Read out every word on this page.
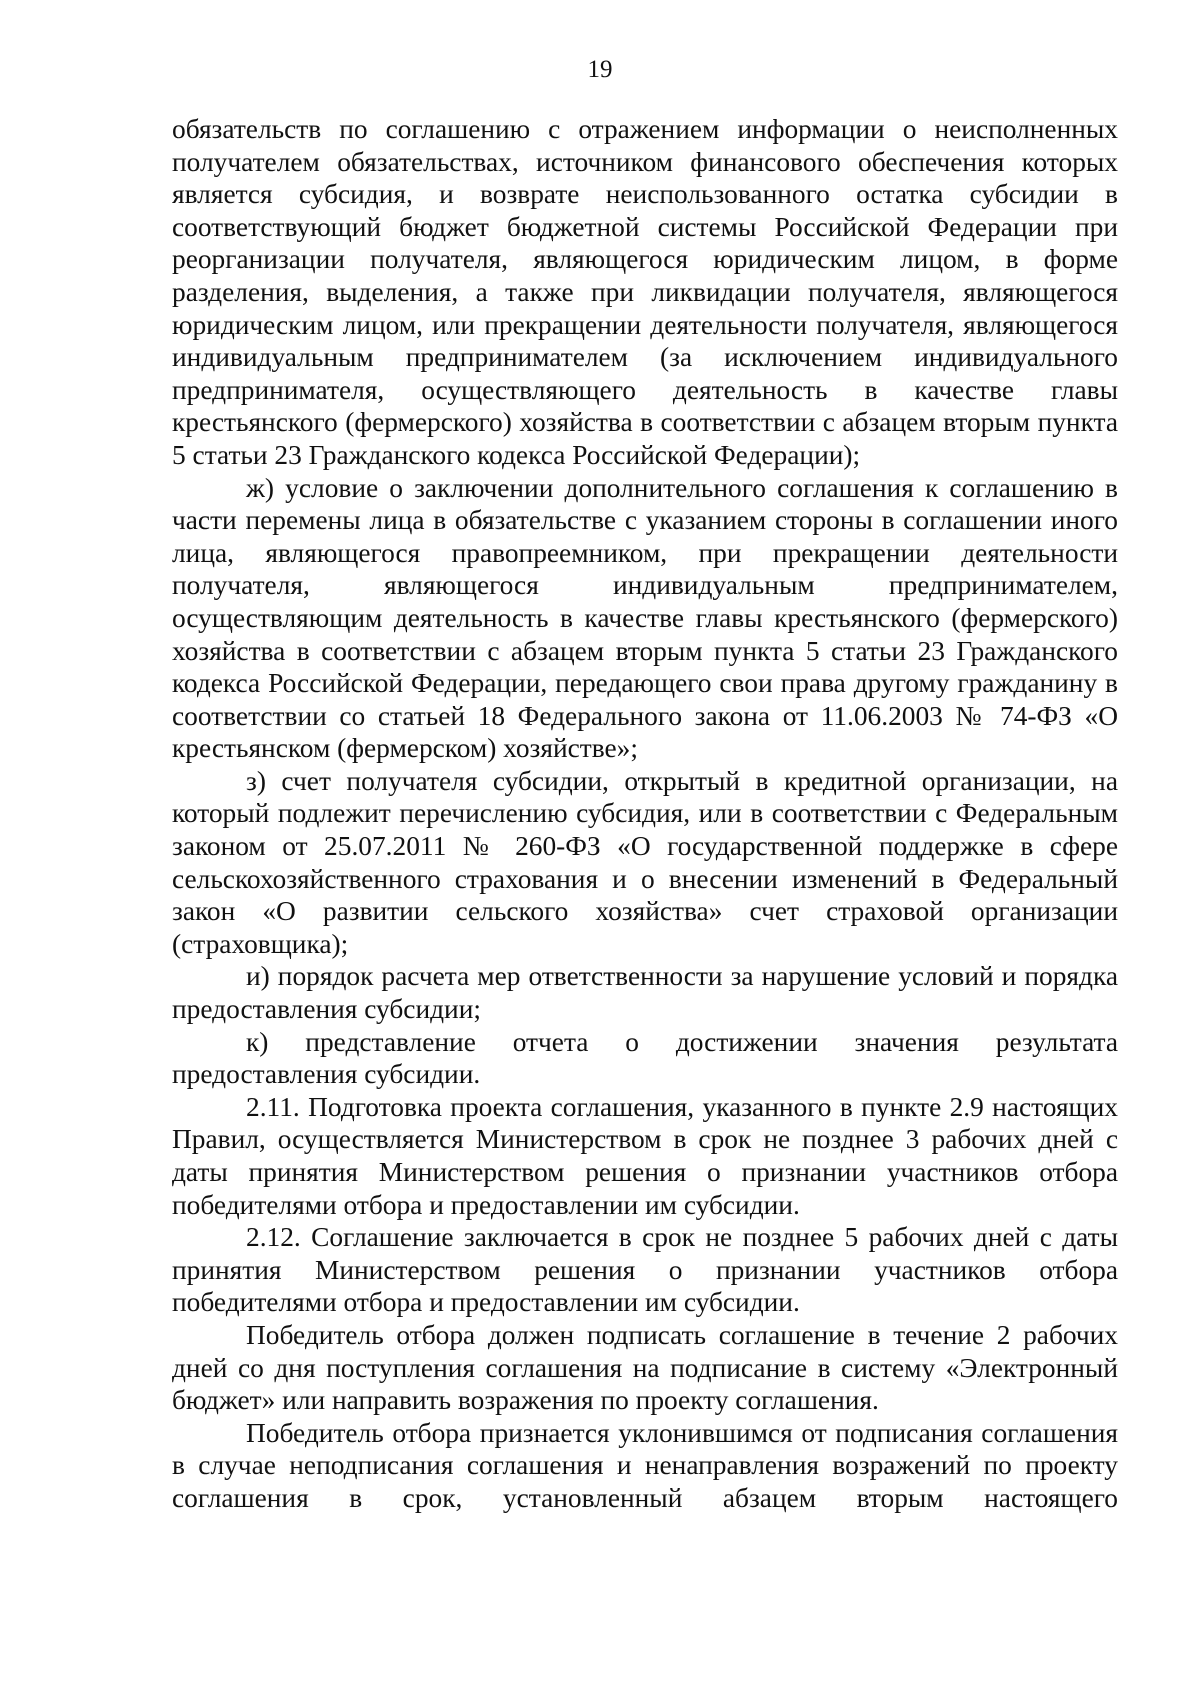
19

обязательств по соглашению с отражением информации о неисполненных получателем обязательствах, источником финансового обеспечения которых является субсидия, и возврате неиспользованного остатка субсидии в соответствующий бюджет бюджетной системы Российской Федерации при реорганизации получателя, являющегося юридическим лицом, в форме разделения, выделения, а также при ликвидации получателя, являющегося юридическим лицом, или прекращении деятельности получателя, являющегося индивидуальным предпринимателем (за исключением индивидуального предпринимателя, осуществляющего деятельность в качестве главы крестьянского (фермерского) хозяйства в соответствии с абзацем вторым пункта 5 статьи 23 Гражданского кодекса Российской Федерации);

ж) условие о заключении дополнительного соглашения к соглашению в части перемены лица в обязательстве с указанием стороны в соглашении иного лица, являющегося правопреемником, при прекращении деятельности получателя, являющегося индивидуальным предпринимателем, осуществляющим деятельность в качестве главы крестьянского (фермерского) хозяйства в соответствии с абзацем вторым пункта 5 статьи 23 Гражданского кодекса Российской Федерации, передающего свои права другому гражданину в соответствии со статьей 18 Федерального закона от 11.06.2003 № 74-ФЗ «О крестьянском (фермерском) хозяйстве»;

з) счет получателя субсидии, открытый в кредитной организации, на который подлежит перечислению субсидия, или в соответствии с Федеральным законом от 25.07.2011 № 260-ФЗ «О государственной поддержке в сфере сельскохозяйственного страхования и о внесении изменений в Федеральный закон «О развитии сельского хозяйства» счет страховой организации (страховщика);

и) порядок расчета мер ответственности за нарушение условий и порядка предоставления субсидии;

к) представление отчета о достижении значения результата предоставления субсидии.

2.11. Подготовка проекта соглашения, указанного в пункте 2.9 настоящих Правил, осуществляется Министерством в срок не позднее 3 рабочих дней с даты принятия Министерством решения о признании участников отбора победителями отбора и предоставлении им субсидии.

2.12. Соглашение заключается в срок не позднее 5 рабочих дней с даты принятия Министерством решения о признании участников отбора победителями отбора и предоставлении им субсидии.

Победитель отбора должен подписать соглашение в течение 2 рабочих дней со дня поступления соглашения на подписание в систему «Электронный бюджет» или направить возражения по проекту соглашения.

Победитель отбора признается уклонившимся от подписания соглашения в случае неподписания соглашения и ненаправления возражений по проекту соглашения в срок, установленный абзацем вторым настоящего
